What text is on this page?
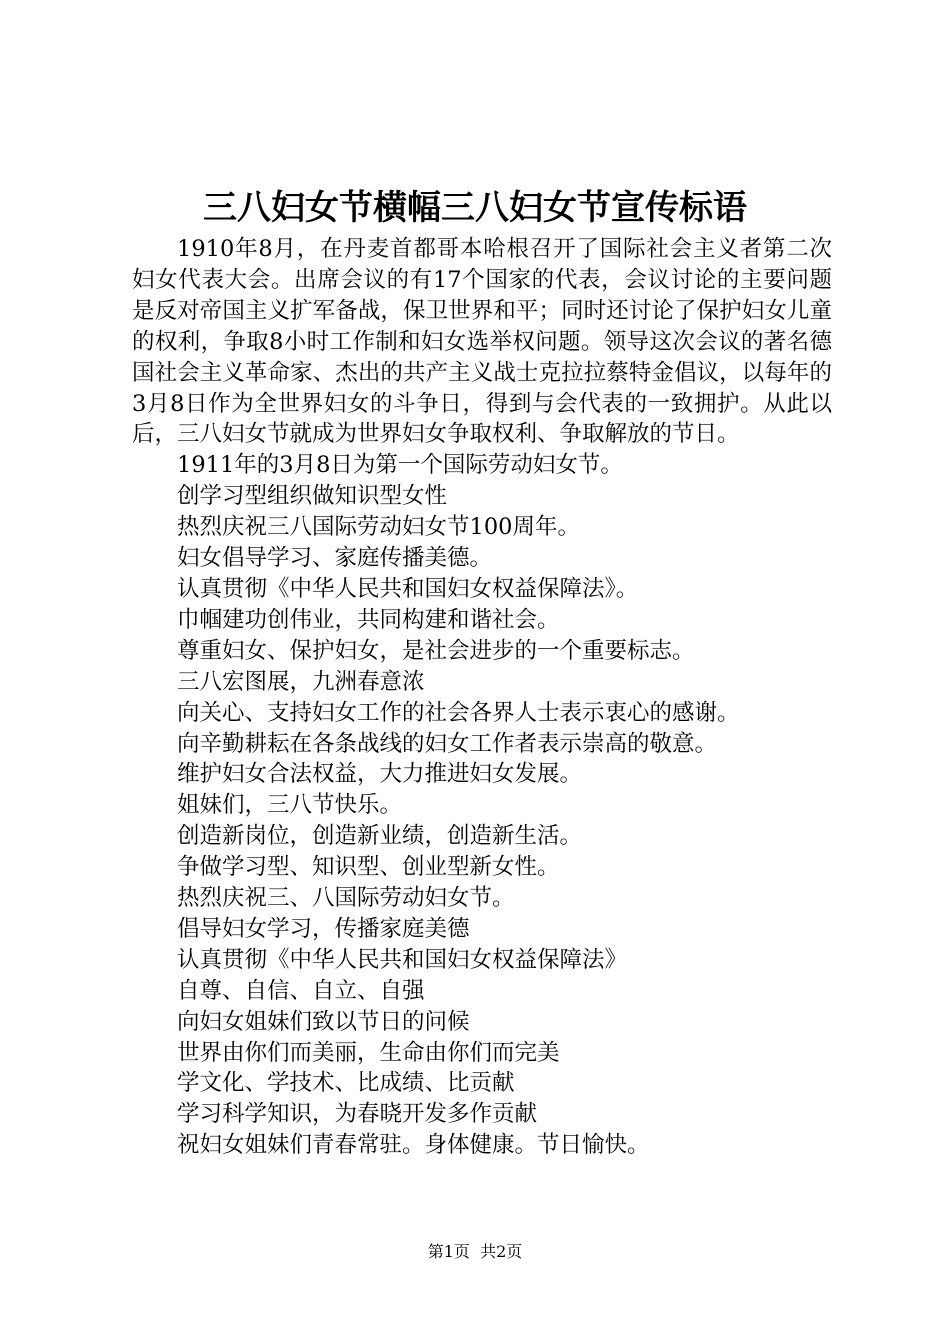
三八妇女节横幅三八妇女节宣传标语

1910年8月，在丹麦首都哥本哈根召开了国际社会主义者第二次妇女代表大会。出席会议的有17个国家的代表，会议讨论的主要问题是反对帝国主义扩军备战，保卫世界和平；同时还讨论了保护妇女儿童的权利，争取8小时工作制和妇女选举权问题。领导这次会议的著名德国社会主义革命家、杰出的共产主义战士克拉拉蔡特金倡议，以每年的3月8日作为全世界妇女的斗争日，得到与会代表的一致拥护。从此以后，三八妇女节就成为世界妇女争取权利、争取解放的节日。

1911年的3月8日为第一个国际劳动妇女节。

创学习型组织做知识型女性

热烈庆祝三八国际劳动妇女节100周年。

妇女倡导学习、家庭传播美德。

认真贯彻《中华人民共和国妇女权益保障法》。

巾帼建功创伟业，共同构建和谐社会。

尊重妇女、保护妇女，是社会进步的一个重要标志。

三八宏图展，九洲春意浓

向关心、支持妇女工作的社会各界人士表示衷心的感谢。

向辛勤耕耘在各条战线的妇女工作者表示崇高的敬意。

维护妇女合法权益，大力推进妇女发展。

姐妹们，三八节快乐。

创造新岗位，创造新业绩，创造新生活。

争做学习型、知识型、创业型新女性。

热烈庆祝三、八国际劳动妇女节。

倡导妇女学习，传播家庭美德

认真贯彻《中华人民共和国妇女权益保障法》

自尊、自信、自立、自强

向妇女姐妹们致以节日的问候

世界由你们而美丽，生命由你们而完美

学文化、学技术、比成绩、比贡献

学习科学知识，为春晓开发多作贡献

祝妇女姐妹们青春常驻。身体健康。节日愉快。

第1页  共2页
